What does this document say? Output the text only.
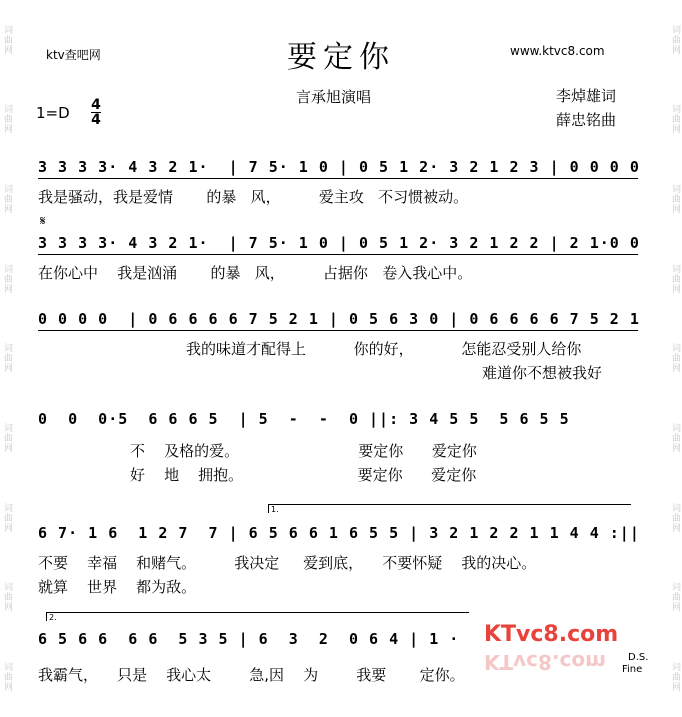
词曲网
词曲网
词曲网
词曲网
词曲网
词曲网
词曲网
词曲网
词曲网
词曲网
词曲网
词曲网
词曲网
词曲网
词曲网
词曲网
词曲网
词曲网
要定你
ktv查吧网	www.ktvc8.com
言承旭演唱	李焯雄词
薛忠铭曲
1=D 4
4
3 3 3 3· 4 3 2 1·  | 7 5· 1 0 | 0 5 1 2· 3 2 1 2 3 | 0 0 0 0
我是骚动，我是爱情       的暴   风，        爱主攻   不习惯被动。
𝄋
3 3 3 3· 4 3 2 1·  | 7 5· 1 0 | 0 5 1 2· 3 2 1 2 2 | 2 1·0 0
在你心中    我是汹涌       的暴   风，        占据你   卷入我心中。
0 0 0 0  | 0 6 6 6 6 7 5 2 1 | 0 5 6 3 0 | 0 6 6 6 6 7 5 2 1
我的味道才配得上          你的好，          怎能忍受别人给你
难道你不想被我好
0  0  0·5  6 6 6 5  | 5  -  -  0 ||: 3 4 5 5  5 6 5 5
不    及格的爱。                         要定你      爱定你
好    地    拥抱。                        要定你      爱定你
1.
6 7· 1 6  1 2 7  7 | 6 5 6 6 1 6 5 5 | 3 2 1 2 2 1 1 4 4 :||
不要    幸福    和赌气。        我决定     爱到底，    不要怀疑    我的决心。
就算    世界    都为敌。
2.
6 5 6 6  6 6  5 3 5 | 6  3  2  0 6 4 | 1 ·
我霸气，    只是    我心太        急,因    为        我要       定你。
D.S.
Fine
KTvc8.com
KTvc8.com
